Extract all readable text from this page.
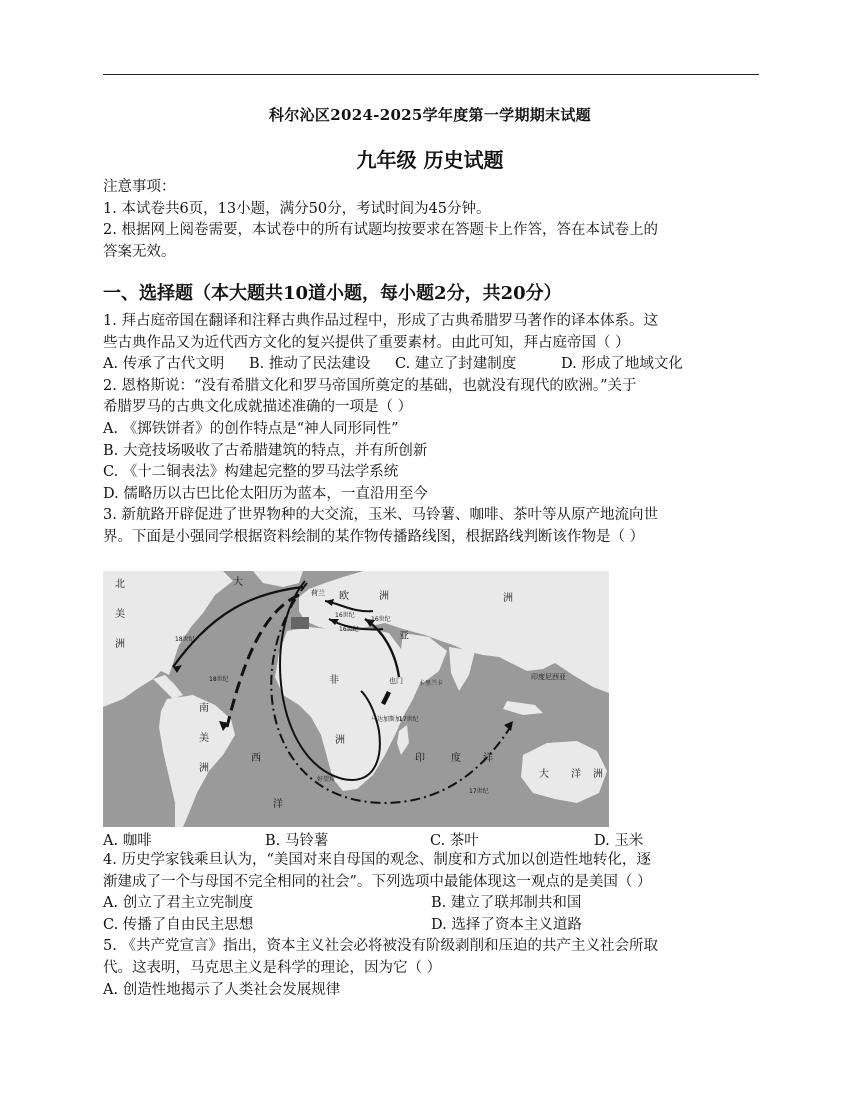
科尔沁区2024-2025学年度第一学期期末试题
九年级 历史试题
注意事项：
1. 本试卷共6页，13小题，满分50分，考试时间为45分钟。
2. 根据网上阅卷需要，本试卷中的所有试题均按要求在答题卡上作答，答在本试卷上的
答案无效。
一、选择题（本大题共10道小题，每小题2分，共20分）
1. 拜占庭帝国在翻译和注释古典作品过程中，形成了古典希腊罗马著作的译本体系。这
些古典作品又为近代西方文化的复兴提供了重要素材。由此可知，拜占庭帝国（ ）
A. 传承了古代文明	B. 推动了民法建设	C. 建立了封建制度	D. 形成了地域文化
2. 恩格斯说：“没有希腊文化和罗马帝国所奠定的基础，也就没有现代的欧洲。”关于
希腊罗马的古典文化成就描述准确的一项是（ ）
A. 《掷铁饼者》的创作特点是“神人同形同性”
B. 大竞技场吸收了古希腊建筑的特点，并有所创新
C. 《十二铜表法》构建起完整的罗马法学系统
D. 儒略历以古巴比伦太阳历为蓝本，一直沿用至今
3. 新航路开辟促进了世界物种的大交流，玉米、马铃薯、咖啡、茶叶等从原产地流向世
界。下面是小强同学根据资料绘制的某作物传播路线图，根据路线判断该作物是（ ）
北
美
洲
南
美
洲
欧	洲
非
洲
洲
亚
大 洋 洲
大
西
洋
印	度 洋
荷兰
也门
马达加斯加
好望角
卡里兰卡
印度尼西亚
16世纪
16世纪
16世纪
18世纪
18世纪
17世纪
17世纪
A. 咖啡	B. 马铃薯	C. 茶叶	D. 玉米
4. 历史学家钱乘旦认为，“美国对来自母国的观念、制度和方式加以创造性地转化，逐
渐建成了一个与母国不完全相同的社会”。下列选项中最能体现这一观点的是美国（ ）
A. 创立了君主立宪制度	B. 建立了联邦制共和国
C. 传播了自由民主思想	D. 选择了资本主义道路
5. 《共产党宣言》指出，资本主义社会必将被没有阶级剥削和压迫的共产主义社会所取
代。这表明，马克思主义是科学的理论，因为它（ ）
A. 创造性地揭示了人类社会发展规律
